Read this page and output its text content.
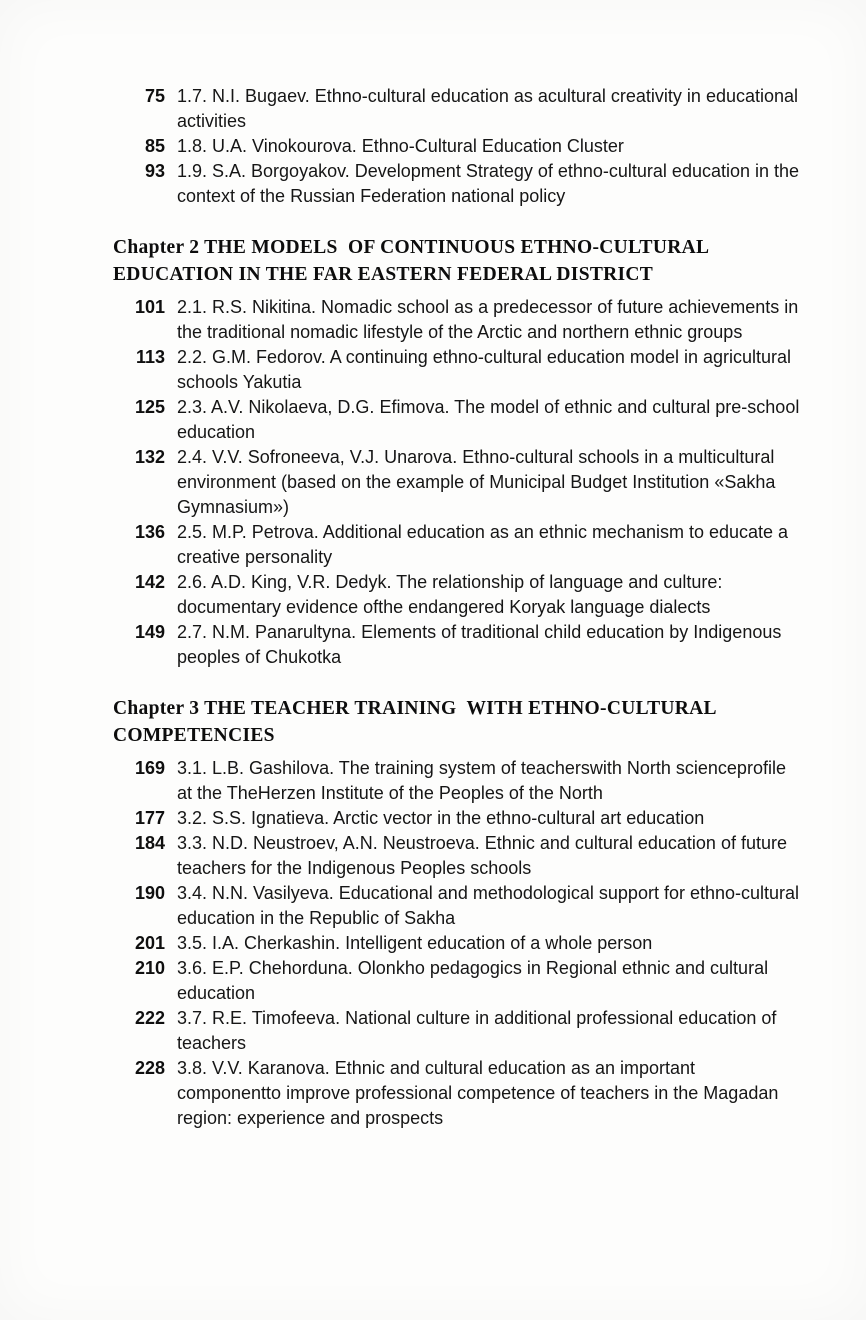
75 1.7. N.I. Bugaev. Ethno-cultural education as acultural creativity in educational activities
85 1.8. U.A. Vinokourova. Ethno-Cultural Education Cluster
93 1.9. S.A. Borgoyakov. Development Strategy of ethno-cultural education in the context of the Russian Federation national policy
Chapter 2 THE MODELS  OF CONTINUOUS ETHNO-CULTURAL EDUCATION IN THE FAR EASTERN FEDERAL DISTRICT
101 2.1. R.S. Nikitina. Nomadic school as a predecessor of future achievements in the traditional nomadic lifestyle of the Arctic and northern ethnic groups
113 2.2. G.M. Fedorov. A continuing ethno-cultural education model in agricultural schools Yakutia
125 2.3. A.V. Nikolaeva, D.G. Efimova. The model of ethnic and cultural pre-school education
132 2.4. V.V. Sofroneeva, V.J. Unarova. Ethno-cultural schools in a multicultural environment (based on the example of Municipal Budget Institution «Sakha Gymnasium»)
136 2.5. M.P. Petrova. Additional education as an ethnic mechanism to educate a creative personality
142 2.6. A.D. King, V.R. Dedyk. The relationship of language and culture: documentary evidence ofthe endangered Koryak language dialects
149 2.7. N.M. Panarultyna. Elements of traditional child education by Indigenous peoples of Chukotka
Chapter 3 THE TEACHER TRAINING  WITH ETHNO-CULTURAL COMPETENCIES
169 3.1. L.B. Gashilova. The training system of teacherswith North scienceprofile at the TheHerzen Institute of the Peoples of the North
177 3.2. S.S. Ignatieva. Arctic vector in the ethno-cultural art education
184 3.3. N.D. Neustroev, A.N. Neustroeva. Ethnic and cultural education of future teachers for the Indigenous Peoples schools
190 3.4. N.N. Vasilyeva. Educational and methodological support for ethno-cultural education in the Republic of Sakha
201 3.5. I.A. Cherkashin. Intelligent education of a whole person
210 3.6. E.P. Chehorduna. Olonkho pedagogics in Regional ethnic and cultural education
222 3.7. R.E. Timofeeva. National culture in additional professional education of teachers
228 3.8. V.V. Karanova. Ethnic and cultural education as an important componentto improve professional competence of teachers in the Magadan region: experience and prospects
